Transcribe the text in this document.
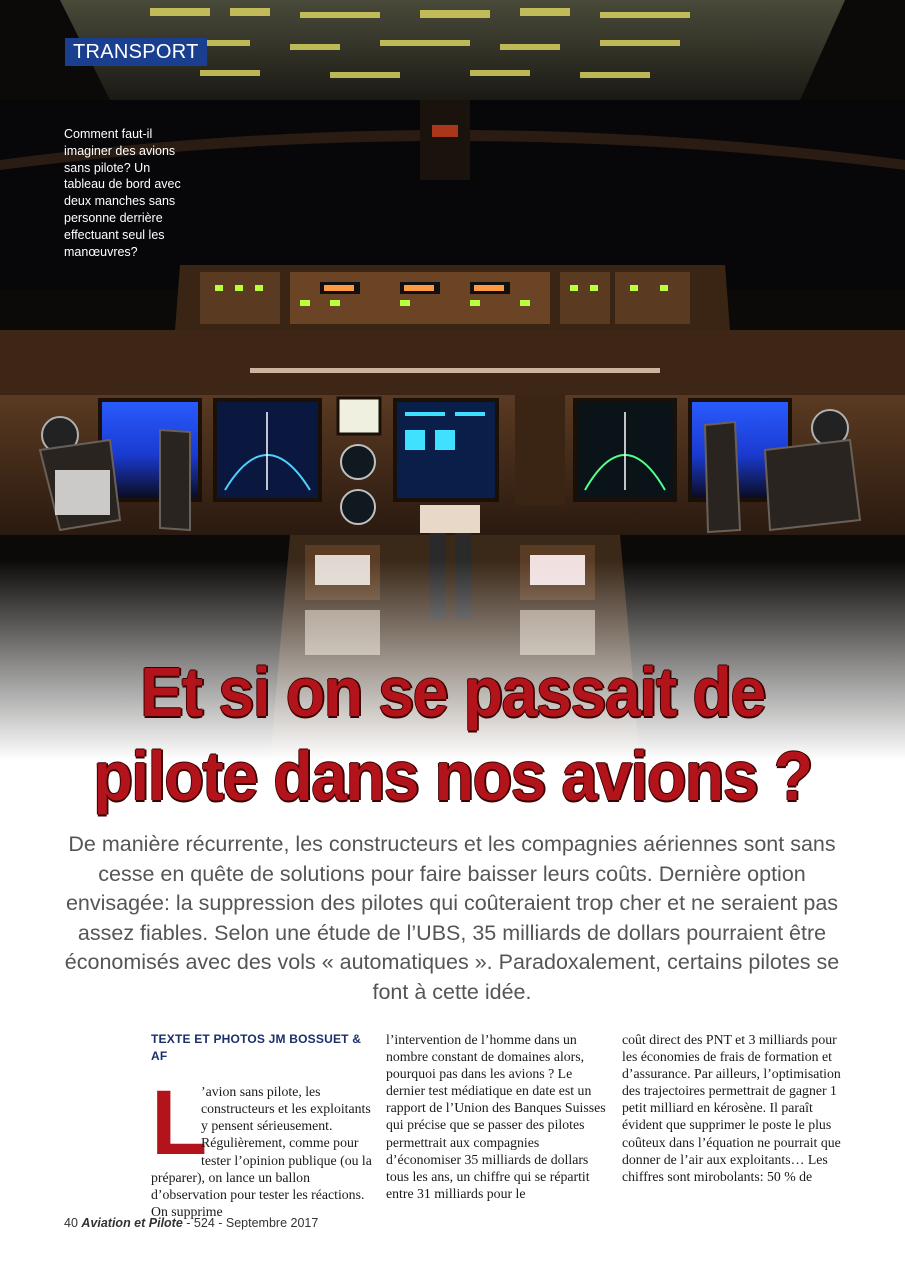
TRANSPORT

Comment faut-il imaginer des avions sans pilote? Un tableau de bord avec deux manches sans personne derrière effectuant seul les manœuvres?

Et si on se passait de
pilote dans nos avions ?

De manière récurrente, les constructeurs et les compagnies aériennes sont sans cesse en quête de solutions pour faire baisser leurs coûts. Dernière option envisagée: la suppression des pilotes qui coûteraient trop cher et ne seraient pas assez fiables. Selon une étude de l’UBS, 35 milliards de dollars pourraient être économisés avec des vols « automatiques ». Paradoxalement, certains pilotes se font à cette idée.

TEXTE ET PHOTOS JM BOSSUET & AF

L
’avion sans pilote, les constructeurs et les exploitants y pensent sérieusement. Régulièrement, comme pour tester l’opinion publique (ou la préparer), on lance un ballon d’observation pour tester les réactions. On supprime

l’intervention de l’homme dans un nombre constant de domaines alors, pourquoi pas dans les avions ? Le dernier test médiatique en date est un rapport de l’Union des Banques Suisses qui précise que se passer des pilotes permettrait aux compagnies d’économiser 35 milliards de dollars tous les ans, un chiffre qui se répartit entre 31 milliards pour le

coût direct des PNT et 3 milliards pour les économies de frais de formation et d’assurance. Par ailleurs, l’optimisation des trajectoires permettrait de gagner 1 petit milliard en kérosène. Il paraît évident que supprimer le poste le plus coûteux dans l’équation ne pourrait que donner de l’air aux exploitants… Les chiffres sont mirobolants: 50 % de

40 Aviation et Pilote - 524 - Septembre 2017
